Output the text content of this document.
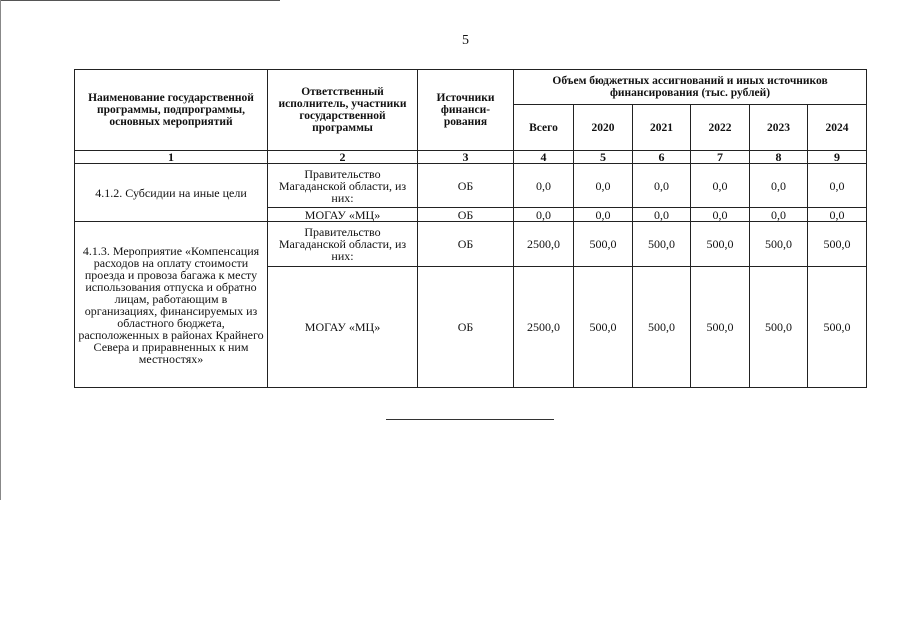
5
Наименование государственной программы, подпрограммы, основных мероприятий	Ответственный исполнитель, участники государственной программы	Источники финанси-рования	Объем бюджетных ассигнований и иных источников финансирования (тыс. рублей)					
			Всего	2020	2021	2022	2023	2024
1	2	3	4	5	6	7	8	9
4.1.2. Субсидии на иные цели	Правительство Магаданской области, из них:	ОБ	0,0	0,0	0,0	0,0	0,0	0,0
	МОГАУ «МЦ»	ОБ	0,0	0,0	0,0	0,0	0,0	0,0
4.1.3. Мероприятие «Компенсация расходов на оплату стоимости проезда и провоза багажа к месту использования отпуска и обратно лицам, работающим в организациях, финансируемых из областного бюджета, расположенных в районах Крайнего Севера и приравненных к ним местностях»	Правительство Магаданской области, из них:	ОБ	2500,0	500,0	500,0	500,0	500,0	500,0
	МОГАУ «МЦ»	ОБ	2500,0	500,0	500,0	500,0	500,0	500,0
